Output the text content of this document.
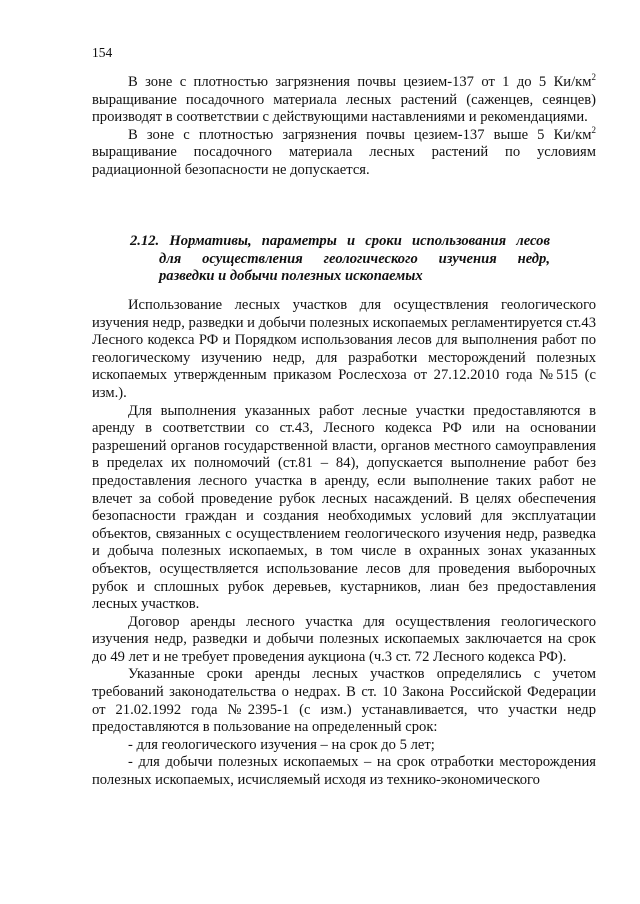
154

В зоне с плотностью загрязнения почвы цезием-137 от 1 до 5 $Ки/км^2$ выращивание посадочного материала лесных растений (саженцев, сеянцев) производят в соответствии с действующими наставлениями и рекомендациями.

В зоне с плотностью загрязнения почвы цезием-137 выше 5 $Ки/км^2$ выращивание посадочного материала лесных растений по условиям радиационной безопасности не допускается.

2.12. Нормативы, параметры и сроки использования лесов
для осуществления геологического изучения недр,
разведки и добычи полезных ископаемых

Использование лесных участков для осуществления геологического изучения недр, разведки и добычи полезных ископаемых регламентируется ст.43 Лесного кодекса РФ и Порядком использования лесов для выполнения работ по геологическому изучению недр, для разработки месторождений полезных ископаемых утвержденным приказом Рослесхоза от 27.12.2010 года №515 (с изм.).

Для выполнения указанных работ лесные участки предоставляются в аренду в соответствии со ст.43, Лесного кодекса РФ или на основании разрешений органов государственной власти, органов местного самоуправления в пределах их полномочий (ст.81 – 84), допускается выполнение работ без предоставления лесного участка в аренду, если выполнение таких работ не влечет за собой проведение рубок лесных насаждений. В целях обеспечения безопасности граждан и создания необходимых условий для эксплуатации объектов, связанных с осуществлением геологического изучения недр, разведка и добыча полезных ископаемых, в том числе в охранных зонах указанных объектов, осуществляется использование лесов для проведения выборочных рубок и сплошных рубок деревьев, кустарников, лиан без предоставления лесных участков.

Договор аренды лесного участка для осуществления геологического изучения недр, разведки и добычи полезных ископаемых заключается на срок до 49 лет и не требует проведения аукциона (ч.3 ст. 72 Лесного кодекса РФ).

Указанные сроки аренды лесных участков определялись с учетом требований законодательства о недрах. В ст. 10 Закона Российской Федерации от 21.02.1992 года №2395-1 (с изм.) устанавливается, что участки недр предоставляются в пользование на определенный срок:

- для геологического изучения – на срок до 5 лет;

- для добычи полезных ископаемых – на срок отработки месторождения полезных ископаемых, исчисляемый исходя из технико-экономического
